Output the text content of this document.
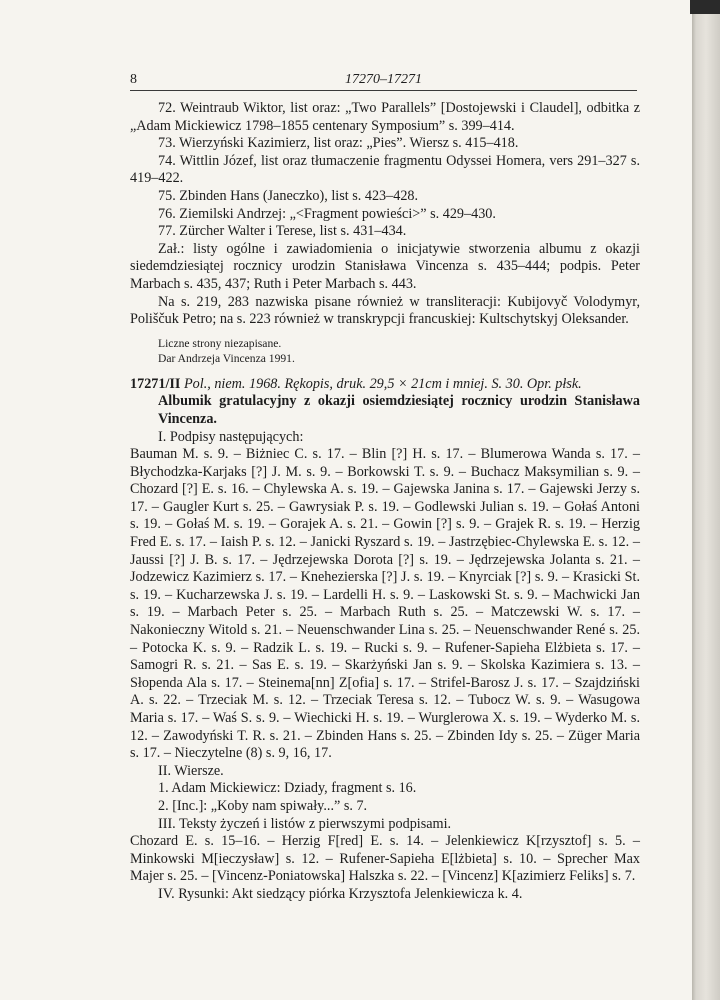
8	17270–17271

72. Weintraub Wiktor, list oraz: „Two Parallels” [Dostojewski i Claudel], odbitka z „Adam Mickiewicz 1798–1855 centenary Symposium” s. 399–414.

73. Wierzyński Kazimierz, list oraz: „Pies”. Wiersz s. 415–418.

74. Wittlin Józef, list oraz tłumaczenie fragmentu Odyssei Homera, vers 291–327 s. 419–422.

75. Zbinden Hans (Janeczko), list s. 423–428.

76. Ziemilski Andrzej: „<Fragment powieści>” s. 429–430.

77. Zürcher Walter i Terese, list s. 431–434.

Zał.: listy ogólne i zawiadomienia o inicjatywie stworzenia albumu z okazji siedemdziesiątej rocznicy urodzin Stanisława Vincenza s. 435–444; podpis. Peter Marbach s. 435, 437; Ruth i Peter Marbach s. 443.

Na s. 219, 283 nazwiska pisane również w transliteracji: Kubijovyč Volodymyr, Poliščuk Petro; na s. 223 również w transkrypcji francuskiej: Kultschytskyj Oleksander.

Liczne strony niezapisane.

Dar Andrzeja Vincenza 1991.

17271/II Pol., niem. 1968. Rękopis, druk. 29,5 × 21cm i mniej. S. 30. Opr. płsk.

Albumik gratulacyjny z okazji osiemdziesiątej rocznicy urodzin Stanisława Vincenza.

I. Podpisy następujących:

Bauman M. s. 9. – Biżniec C. s. 17. – Blin [?] H. s. 17. – Blumerowa Wanda s. 17. – Błychodzka-Karjaks [?] J. M. s. 9. – Borkowski T. s. 9. – Buchacz Maksymilian s. 9. – Chozard [?] E. s. 16. – Chylewska A. s. 19. – Gajewska Janina s. 17. – Gajewski Jerzy s. 17. – Gaugler Kurt s. 25. – Gawrysiak P. s. 19. – Godlewski Julian s. 19. – Gołaś Antoni s. 19. – Gołaś M. s. 19. – Gorajek A. s. 21. – Gowin [?] s. 9. – Grajek R. s. 19. – Herzig Fred E. s. 17. – Iaish P. s. 12. – Janicki Ryszard s. 19. – Jastrzębiec-Chylewska E. s. 12. – Jaussi [?] J. B. s. 17. – Jędrzejewska Dorota [?] s. 19. – Jędrzejewska Jolanta s. 21. – Jodzewicz Kazimierz s. 17. – Knehezierska [?] J. s. 19. – Knyrciak [?] s. 9. – Krasicki St. s. 19. – Kucharzewska J. s. 19. – Lardelli H. s. 9. – Laskowski St. s. 9. – Machwicki Jan s. 19. – Marbach Peter s. 25. – Marbach Ruth s. 25. – Matczewski W. s. 17. – Nakonieczny Witold s. 21. – Neuenschwander Lina s. 25. – Neuenschwander René s. 25. – Potocka K. s. 9. – Radzik L. s. 19. – Rucki s. 9. – Rufener-Sapieha Elżbieta s. 17. – Samogri R. s. 21. – Sas E. s. 19. – Skarżyński Jan s. 9. – Skolska Kazimiera s. 13. – Słopenda Ala s. 17. – Steinema[nn] Z[ofia] s. 17. – Strifel-Barosz J. s. 17. – Szajdziński A. s. 22. – Trzeciak M. s. 12. – Trzeciak Teresa s. 12. – Tubocz W. s. 9. – Wasugowa Maria s. 17. – Waś S. s. 9. – Wiechicki H. s. 19. – Wurglerowa X. s. 19. – Wyderko M. s. 12. – Zawodyński T. R. s. 21. – Zbinden Hans s. 25. – Zbinden Idy s. 25. – Züger Maria s. 17. – Nieczytelne (8) s. 9, 16, 17.

II. Wiersze.

1. Adam Mickiewicz: Dziady, fragment s. 16.

2. [Inc.]: „Koby nam spiwały...” s. 7.

III. Teksty życzeń i listów z pierwszymi podpisami.

Chozard E. s. 15–16. – Herzig F[red] E. s. 14. – Jelenkiewicz K[rzysztof] s. 5. – Minkowski M[ieczysław] s. 12. – Rufener-Sapieha E[lżbieta] s. 10. – Sprecher Max Majer s. 25. – [Vincenz-Poniatowska] Halszka s. 22. – [Vincenz] K[azimierz Feliks] s. 7.

IV. Rysunki: Akt siedzący piórka Krzysztofa Jelenkiewicza k. 4.
